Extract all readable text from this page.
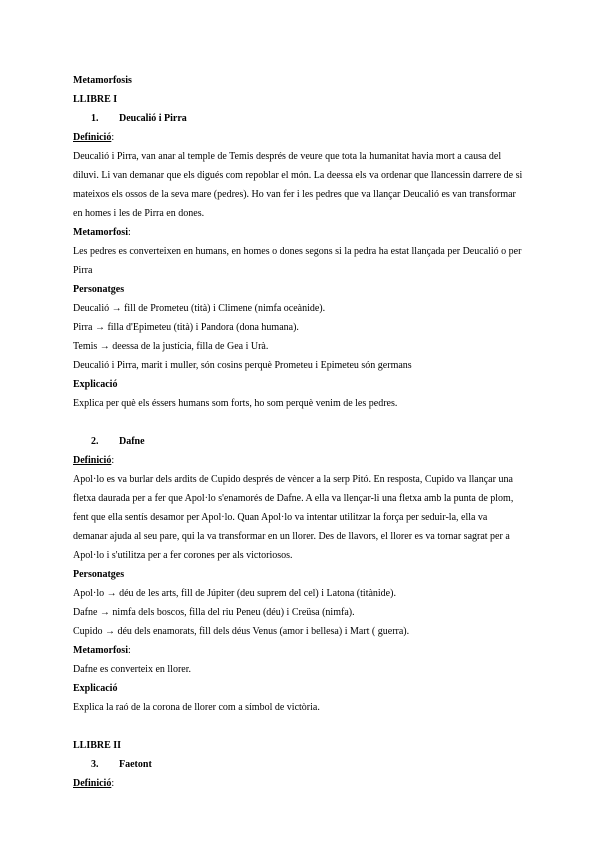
Metamorfosis
LLIBRE I
1. Deucalió i Pirra
Definició:
Deucalió i Pirra, van anar al temple de Temis després de veure que tota la humanitat havia mort a causa del
diluvi. Li van demanar que els digués com repoblar el món. La deessa els va ordenar que llancessin darrere de si
mateixos els ossos de la seva mare (pedres). Ho van fer i les pedres que va llançar Deucalió es van transformar
en homes i les de Pirra en dones.
Metamorfosi:
Les pedres es converteixen en humans, en homes o dones segons si la pedra ha estat llançada per Deucalió o per
Pirra
Personatges
Deucalió → fill de Prometeu (tità) i Climene (nimfa oceànide).
Pirra → filla d'Epimeteu (tità) i Pandora (dona humana).
Temis → deessa de la justícia, filla de Gea i Urà.
Deucalió i Pirra, marit i muller, són cosins perquè Prometeu i Epimeteu són germans
Explicació
Explica per què els éssers humans som forts, ho som perquè venim de les pedres.
2. Dafne
Definició:
Apol·lo es va burlar dels ardits de Cupido després de vèncer a la serp Pitó. En resposta, Cupido va llançar una
fletxa daurada per a fer que Apol·lo s'enamorés de Dafne. A ella va llençar-li una fletxa amb la punta de plom,
fent que ella sentís desamor per Apol·lo. Quan Apol·lo va intentar utilitzar la força per seduir-la, ella va
demanar ajuda al seu pare, qui la va transformar en un llorer. Des de llavors, el llorer es va tornar sagrat per a
Apol·lo i s'utilitza per a fer corones per als victoriosos.
Personatges
Apol·lo → déu de les arts, fill de Júpiter (deu suprem del cel) i Latona (titànide).
Dafne → nimfa dels boscos, filla del riu Peneu (déu) i Creüsa (nimfa).
Cupido → déu dels enamorats, fill dels déus Venus (amor i bellesa) i Mart ( guerra).
Metamorfosi:
Dafne es converteix en llorer.
Explicació
Explica la raó de la corona de llorer com a símbol de victòria.
LLIBRE II
3. Faetont
Definició:
